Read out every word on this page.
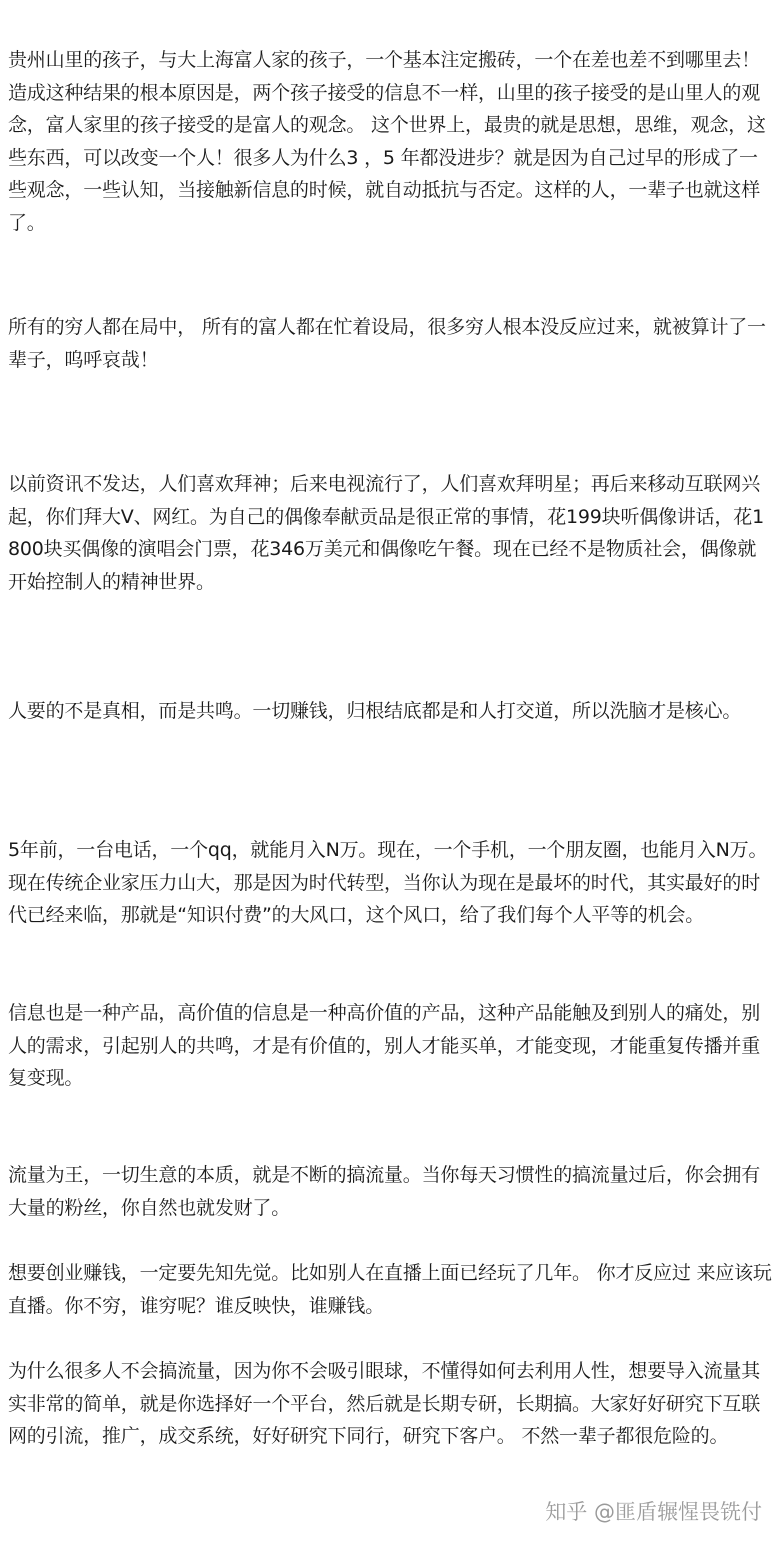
贵州山里的孩子，与大上海富人家的孩子，一个基本注定搬砖，一个在差也差不到哪里去！ 造成这种结果的根本原因是，两个孩子接受的信息不一样，山里的孩子接受的是山里人的观念，富人家里的孩子接受的是富人的观念。 这个世界上，最贵的就是思想，思维，观念，这些东西，可以改变一个人！很多人为什么3 ，5 年都没进步？就是因为自己过早的形成了一些观念，一些认知，当接触新信息的时候，就自动抵抗与否定。这样的人，一辈子也就这样了。

所有的穷人都在局中， 所有的富人都在忙着设局，很多穷人根本没反应过来，就被算计了一辈子，呜呼哀哉！

以前资讯不发达，人们喜欢拜神；后来电视流行了，人们喜欢拜明星；再后来移动互联网兴起，你们拜大V、网红。为自己的偶像奉献贡品是很正常的事情，花199块听偶像讲话，花1800块买偶像的演唱会门票，花346万美元和偶像吃午餐。现在已经不是物质社会，偶像就开始控制人的精神世界。

人要的不是真相，而是共鸣。一切赚钱，归根结底都是和人打交道，所以洗脑才是核心。

5年前，一台电话，一个qq，就能月入N万。现在，一个手机，一个朋友圈，也能月入N万。现在传统企业家压力山大，那是因为时代转型，当你认为现在是最坏的时代，其实最好的时代已经来临，那就是“知识付费”的大风口，这个风口，给了我们每个人平等的机会。

信息也是一种产品，高价值的信息是一种高价值的产品，这种产品能触及到别人的痛处，别人的需求，引起别人的共鸣，才是有价值的，别人才能买单，才能变现，才能重复传播并重复变现。

流量为王，一切生意的本质，就是不断的搞流量。当你每天习惯性的搞流量过后，你会拥有大量的粉丝，你自然也就发财了。

想要创业赚钱，一定要先知先觉。比如别人在直播上面已经玩了几年。 你才反应过 来应该玩直播。你不穷，谁穷呢？谁反映快，谁赚钱。

为什么很多人不会搞流量，因为你不会吸引眼球，不懂得如何去利用人性，想要导入流量其实非常的简单，就是你选择好一个平台，然后就是长期专研，长期搞。大家好好研究下互联网的引流，推广，成交系统，好好研究下同行，研究下客户。 不然一辈子都很危险的。

知乎 @匪盾辗惺畏铣付
